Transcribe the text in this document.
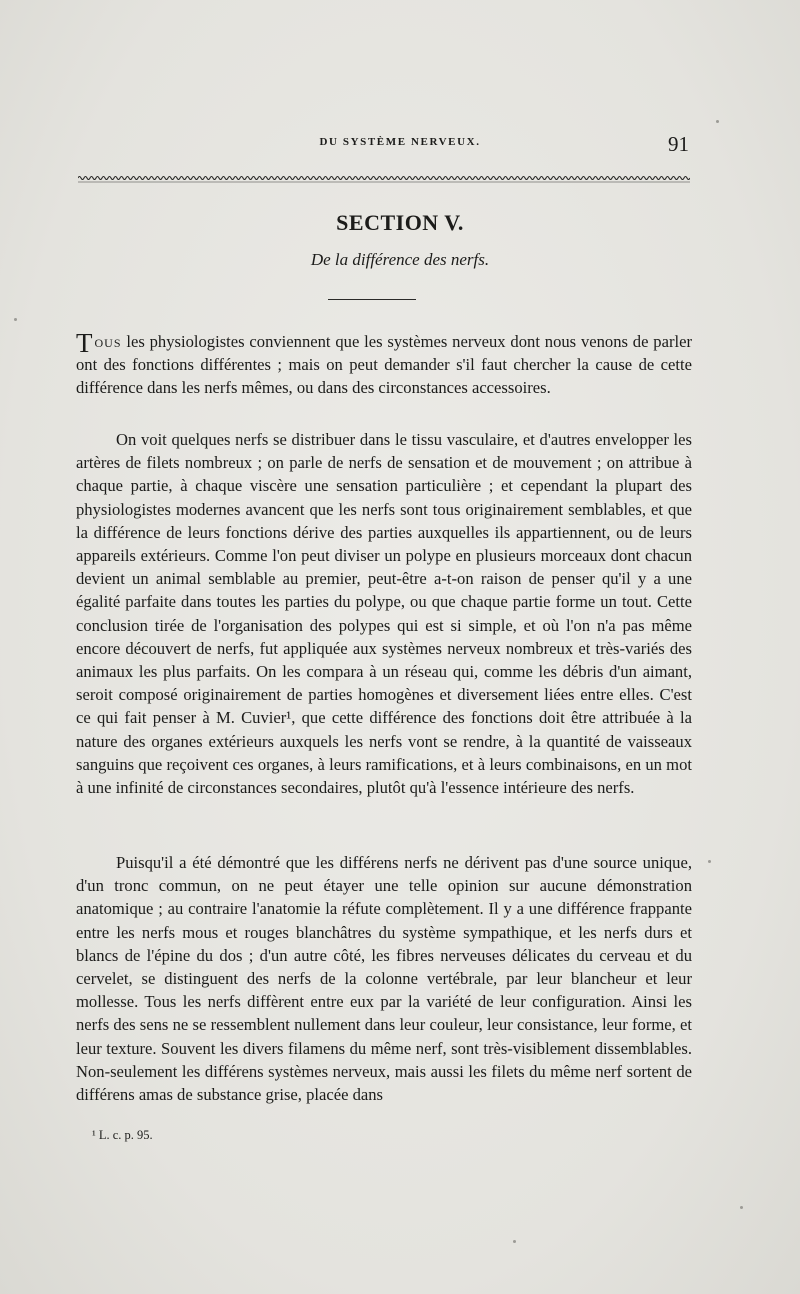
DU SYSTÈME NERVEUX.	91
SECTION V.
De la différence des nerfs.

Tous les physiologistes conviennent que les systèmes nerveux dont nous venons de parler ont des fonctions différentes ; mais on peut demander s'il faut chercher la cause de cette différence dans les nerfs mêmes, ou dans des circonstances accessoires.

On voit quelques nerfs se distribuer dans le tissu vasculaire, et d'autres envelopper les artères de filets nombreux ; on parle de nerfs de sensation et de mouvement ; on attribue à chaque partie, à chaque viscère une sensation particulière ; et cependant la plupart des physiologistes modernes avancent que les nerfs sont tous originairement semblables, et que la différence de leurs fonctions dérive des parties auxquelles ils appartiennent, ou de leurs appareils extérieurs. Comme l'on peut diviser un polype en plusieurs morceaux dont chacun devient un animal semblable au premier, peut-être a-t-on raison de penser qu'il y a une égalité parfaite dans toutes les parties du polype, ou que chaque partie forme un tout. Cette conclusion tirée de l'organisation des polypes qui est si simple, et où l'on n'a pas même encore découvert de nerfs, fut appliquée aux systèmes nerveux nombreux et très-variés des animaux les plus parfaits. On les compara à un réseau qui, comme les débris d'un aimant, seroit composé originairement de parties homogènes et diversement liées entre elles. C'est ce qui fait penser à M. Cuvier¹, que cette différence des fonctions doit être attribuée à la nature des organes extérieurs auxquels les nerfs vont se rendre, à la quantité de vaisseaux sanguins que reçoivent ces organes, à leurs ramifications, et à leurs combinaisons, en un mot à une infinité de circonstances secondaires, plutôt qu'à l'essence intérieure des nerfs.

Puisqu'il a été démontré que les différens nerfs ne dérivent pas d'une source unique, d'un tronc commun, on ne peut étayer une telle opinion sur aucune démonstration anatomique ; au contraire l'anatomie la réfute complètement. Il y a une différence frappante entre les nerfs mous et rouges blanchâtres du système sympathique, et les nerfs durs et blancs de l'épine du dos ; d'un autre côté, les fibres nerveuses délicates du cerveau et du cervelet, se distinguent des nerfs de la colonne vertébrale, par leur blancheur et leur mollesse. Tous les nerfs diffèrent entre eux par la variété de leur configuration. Ainsi les nerfs des sens ne se ressemblent nullement dans leur couleur, leur consistance, leur forme, et leur texture. Souvent les divers filamens du même nerf, sont très-visiblement dissemblables. Non-seulement les différens systèmes nerveux, mais aussi les filets du même nerf sortent de différens amas de substance grise, placée dans

¹ L. c. p. 95.
